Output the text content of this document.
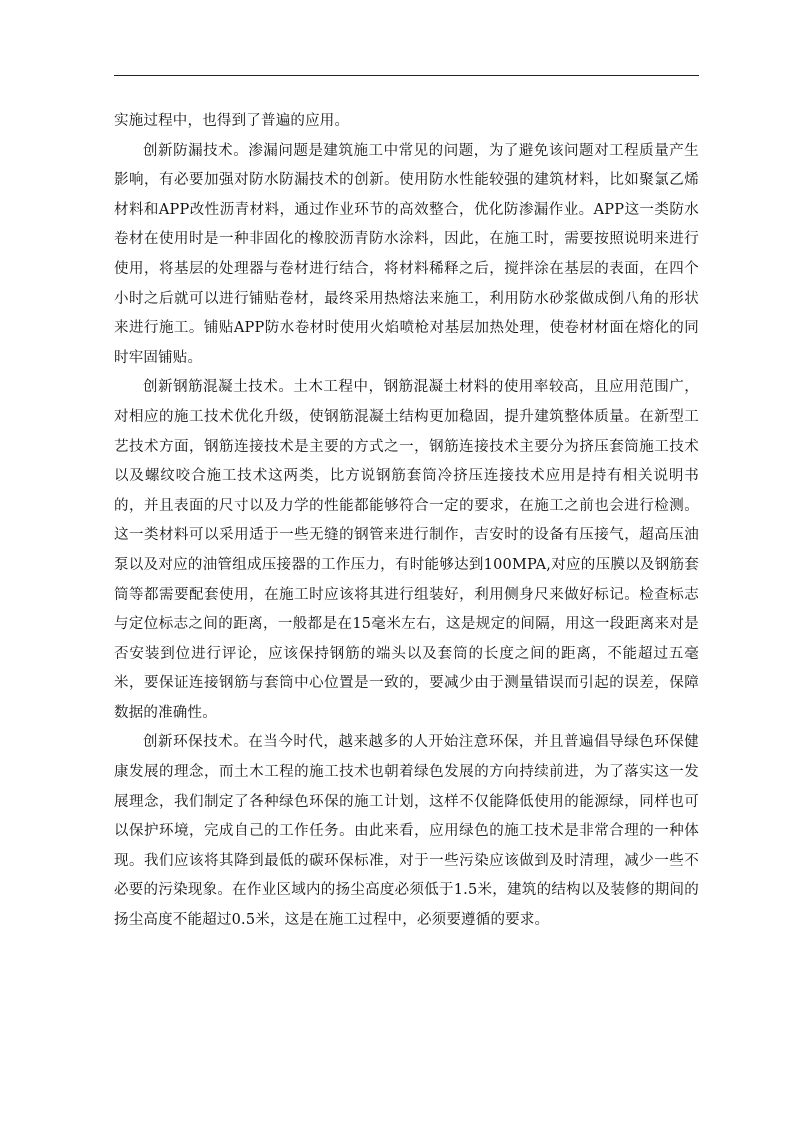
实施过程中，也得到了普遍的应用。

创新防漏技术。渗漏问题是建筑施工中常见的问题，为了避免该问题对工程质量产生影响，有必要加强对防水防漏技术的创新。使用防水性能较强的建筑材料，比如聚氯乙烯材料和APP改性沥青材料，通过作业环节的高效整合，优化防渗漏作业。APP这一类防水卷材在使用时是一种非固化的橡胶沥青防水涂料，因此，在施工时，需要按照说明来进行使用，将基层的处理器与卷材进行结合，将材料稀释之后，搅拌涂在基层的表面，在四个小时之后就可以进行铺贴卷材，最终采用热熔法来施工，利用防水砂浆做成倒八角的形状来进行施工。铺贴APP防水卷材时使用火焰喷枪对基层加热处理，使卷材材面在熔化的同时牢固铺贴。

创新钢筋混凝土技术。土木工程中，钢筋混凝土材料的使用率较高，且应用范围广，对相应的施工技术优化升级，使钢筋混凝土结构更加稳固，提升建筑整体质量。在新型工艺技术方面，钢筋连接技术是主要的方式之一，钢筋连接技术主要分为挤压套筒施工技术以及螺纹咬合施工技术这两类，比方说钢筋套筒冷挤压连接技术应用是持有相关说明书的，并且表面的尺寸以及力学的性能都能够符合一定的要求，在施工之前也会进行检测。这一类材料可以采用适于一些无缝的钢管来进行制作，吉安时的设备有压接气，超高压油泵以及对应的油管组成压接器的工作压力，有时能够达到100MPA,对应的压膜以及钢筋套筒等都需要配套使用，在施工时应该将其进行组装好，利用侧身尺来做好标记。检查标志与定位标志之间的距离，一般都是在15毫米左右，这是规定的间隔，用这一段距离来对是否安装到位进行评论，应该保持钢筋的端头以及套筒的长度之间的距离，不能超过五毫米，要保证连接钢筋与套筒中心位置是一致的，要减少由于测量错误而引起的误差，保障数据的准确性。

创新环保技术。在当今时代，越来越多的人开始注意环保，并且普遍倡导绿色环保健康发展的理念，而土木工程的施工技术也朝着绿色发展的方向持续前进，为了落实这一发展理念，我们制定了各种绿色环保的施工计划，这样不仅能降低使用的能源绿，同样也可以保护环境，完成自己的工作任务。由此来看，应用绿色的施工技术是非常合理的一种体现。我们应该将其降到最低的碳环保标准，对于一些污染应该做到及时清理，减少一些不必要的污染现象。在作业区域内的扬尘高度必须低于1.5米，建筑的结构以及装修的期间的扬尘高度不能超过0.5米，这是在施工过程中，必须要遵循的要求。
